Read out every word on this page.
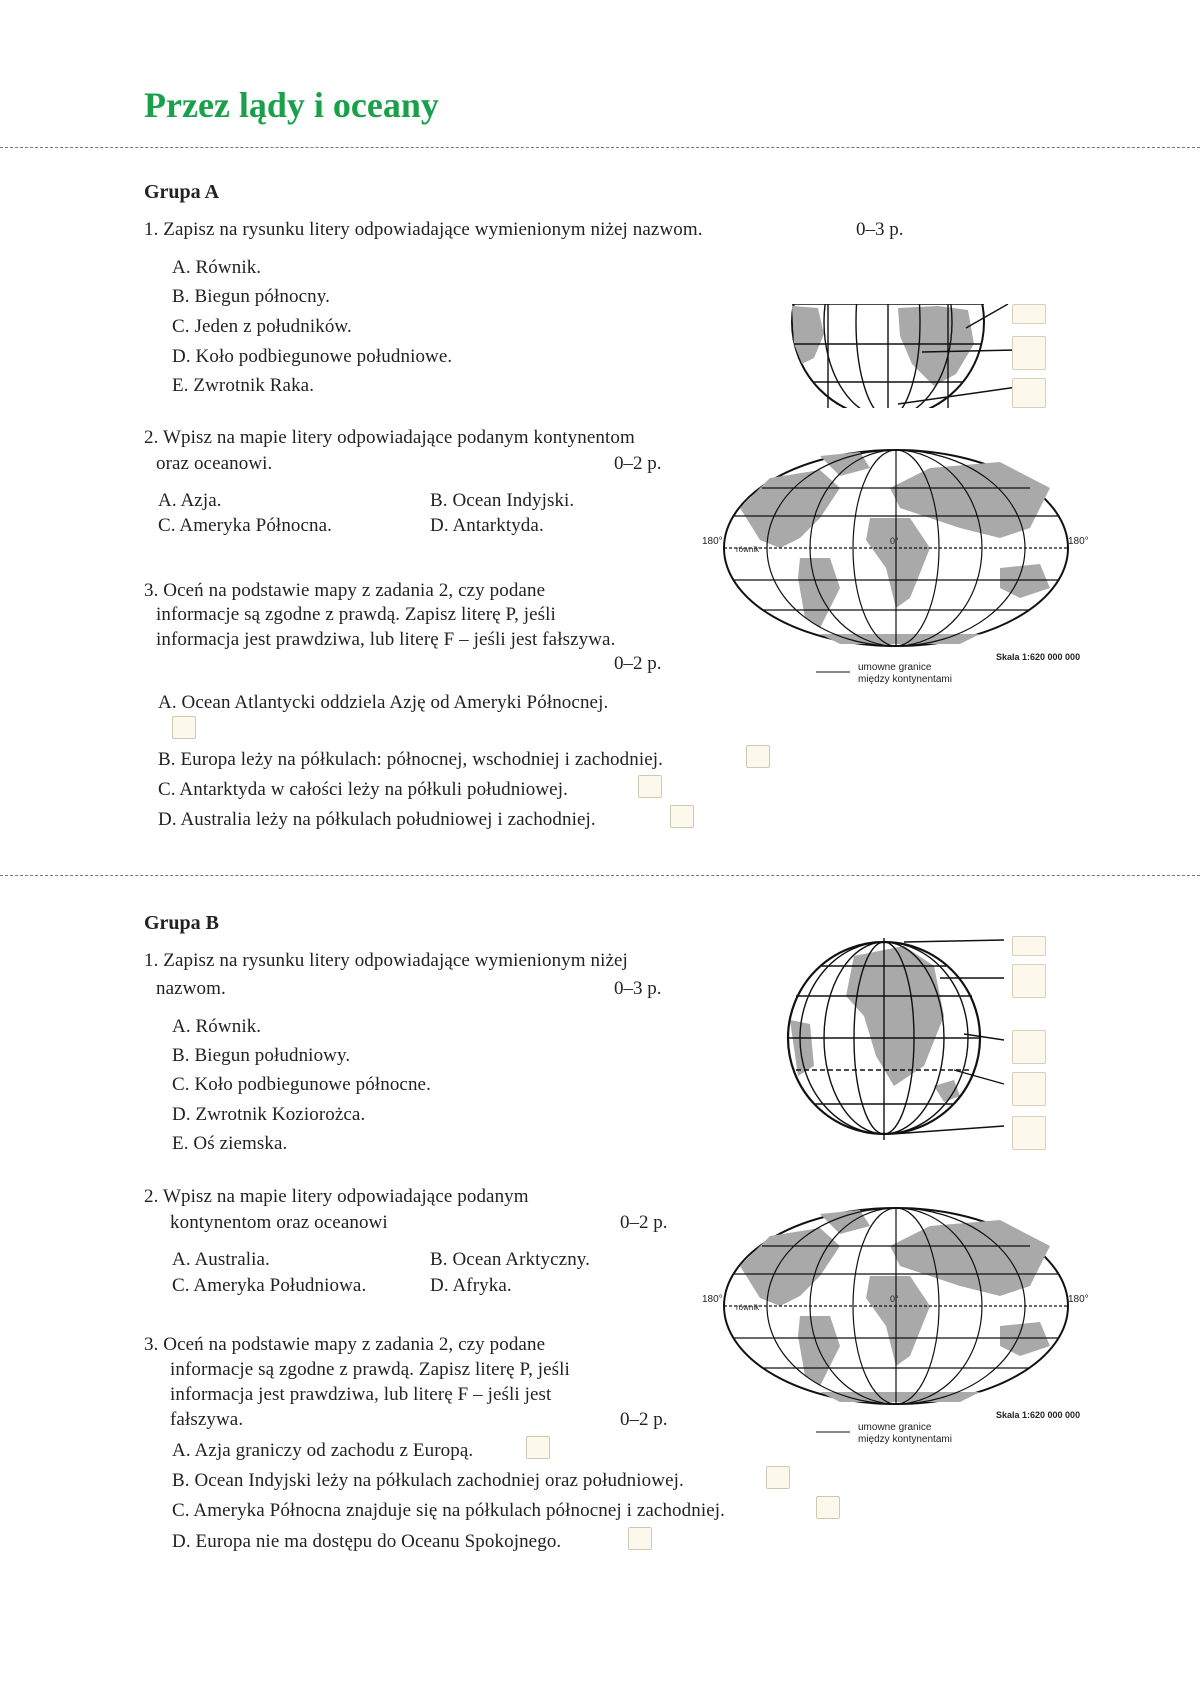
Przez lądy i oceany
Grupa A
1. Zapisz na rysunku litery odpowiadające wymienionym niżej nazwom.	0–3 p.
A. Równik.
B. Biegun północny.
C. Jeden z południków.
D. Koło podbiegunowe południowe.
E. Zwrotnik Raka.
2. Wpisz na mapie litery odpowiadające podanym kontynentom
oraz oceanowi.	0–2 p.
A. Azja.	B. Ocean Indyjski.
C. Ameryka Północna.	D. Antarktyda.
180°	180°
0°
równik
umowne granice
między kontynentami
Skala 1:620 000 000
3. Oceń na podstawie mapy z zadania 2, czy podane
informacje są zgodne z prawdą. Zapisz literę P, jeśli
informacja jest prawdziwa, lub literę F – jeśli jest fałszywa.
0–2 p.
A. Ocean Atlantycki oddziela Azję od Ameryki Północnej.
B. Europa leży na półkulach: północnej, wschodniej i zachodniej.
C. Antarktyda w całości leży na półkuli południowej.
D. Australia leży na półkulach południowej i zachodniej.
Grupa B
1. Zapisz na rysunku litery odpowiadające wymienionym niżej
nazwom.	0–3 p.
A. Równik.
B. Biegun południowy.
C. Koło podbiegunowe północne.
D. Zwrotnik Koziorożca.
E. Oś ziemska.
2. Wpisz na mapie litery odpowiadające podanym
kontynentom oraz oceanowi	0–2 p.
A. Australia.	B. Ocean Arktyczny.
C. Ameryka Południowa.	D. Afryka.
180°	180°
0°
równik
umowne granice
między kontynentami
Skala 1:620 000 000
3. Oceń na podstawie mapy z zadania 2, czy podane
informacje są zgodne z prawdą. Zapisz literę P, jeśli
informacja jest prawdziwa, lub literę F – jeśli jest
fałszywa.	0–2 p.
A. Azja graniczy od zachodu z Europą.
B. Ocean Indyjski leży na półkulach zachodniej oraz południowej.
C. Ameryka Północna znajduje się na półkulach północnej i zachodniej.
D. Europa nie ma dostępu do Oceanu Spokojnego.
